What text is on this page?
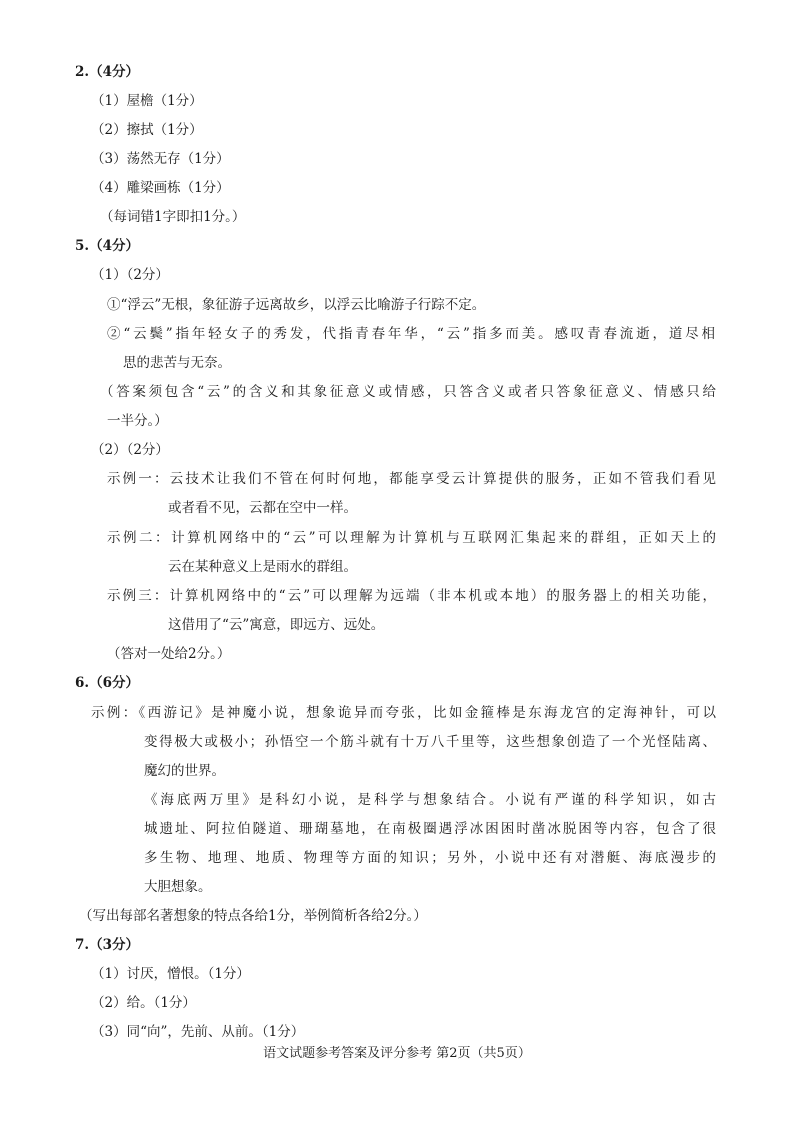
2.（4分）
（1）屋檐（1分）
（2）擦拭（1分）
（3）荡然无存（1分）
（4）雕梁画栋（1分）
（每词错1字即扣1分。）
5.（4分）
（1）（2分）
①“浮云”无根，象征游子远离故乡，以浮云比喻游子行踪不定。
②“云鬓”指年轻女子的秀发，代指青春年华，“云”指多而美。感叹青春流逝，道尽相
思的悲苦与无奈。
（答案须包含“云”的含义和其象征意义或情感，只答含义或者只答象征意义、情感只给
一半分。）
（2）（2分）
示例一：云技术让我们不管在何时何地，都能享受云计算提供的服务，正如不管我们看见
或者看不见，云都在空中一样。
示例二：计算机网络中的“云”可以理解为计算机与互联网汇集起来的群组，正如天上的
云在某种意义上是雨水的群组。
示例三：计算机网络中的“云”可以理解为远端（非本机或本地）的服务器上的相关功能，
这借用了“云”寓意，即远方、远处。
（答对一处给2分。）
6.（6分）
示例：《西游记》是神魔小说，想象诡异而夸张，比如金箍棒是东海龙宫的定海神针，可以
变得极大或极小；孙悟空一个筋斗就有十万八千里等，这些想象创造了一个光怪陆离、
魔幻的世界。
《海底两万里》是科幻小说，是科学与想象结合。小说有严谨的科学知识，如古
城遗址、阿拉伯隧道、珊瑚墓地，在南极圈遇浮冰困困时凿冰脱困等内容，包含了很
多生物、地理、地质、物理等方面的知识；另外，小说中还有对潜艇、海底漫步的
大胆想象。
（写出每部名著想象的特点各给1分，举例简析各给2分。）
7.（3分）
（1）讨厌，憎恨。（1分）
（2）给。（1分）
（3）同“向”，先前、从前。（1分）
语文试题参考答案及评分参考 第2页（共5页）
